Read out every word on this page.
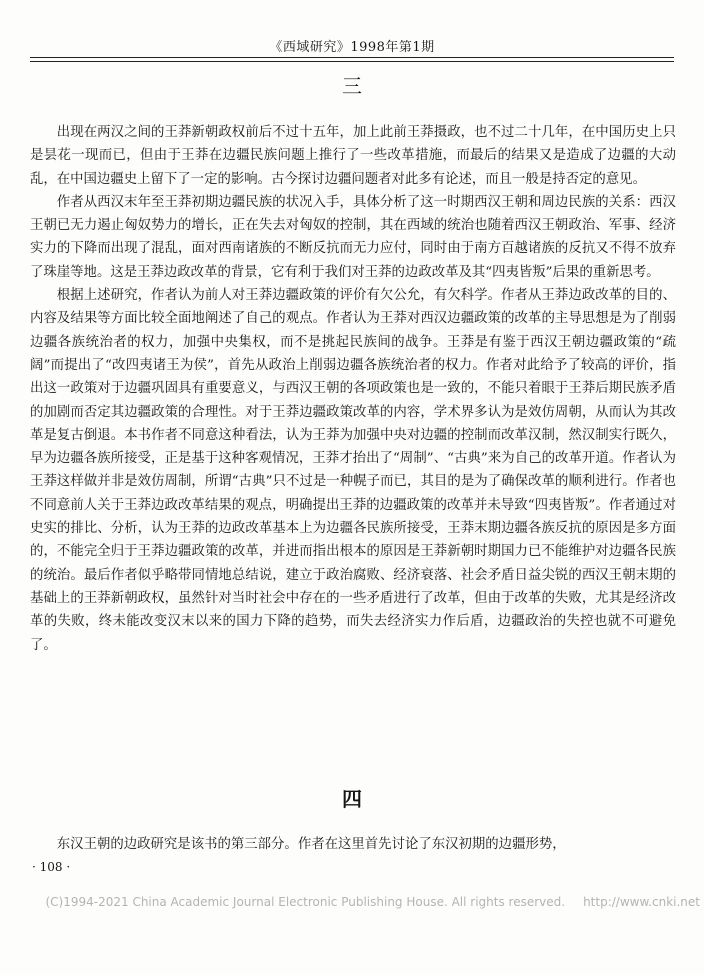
《西域研究》1998年第1期
三

出现在两汉之间的王莽新朝政权前后不过十五年，加上此前王莽摄政，也不过二十几年，在中国历史上只是昙花一现而已，但由于王莽在边疆民族问题上推行了一些改革措施，而最后的结果又是造成了边疆的大动乱，在中国边疆史上留下了一定的影响。古今探讨边疆问题者对此多有论述，而且一般是持否定的意见。

作者从西汉末年至王莽初期边疆民族的状况入手，具体分析了这一时期西汉王朝和周边民族的关系：西汉王朝已无力遏止匈奴势力的增长，正在失去对匈奴的控制，其在西域的统治也随着西汉王朝政治、军事、经济实力的下降而出现了混乱，面对西南诸族的不断反抗而无力应付，同时由于南方百越诸族的反抗又不得不放弃了珠崖等地。这是王莽边政改革的背景，它有利于我们对王莽的边政改革及其“四夷皆叛”后果的重新思考。

根据上述研究，作者认为前人对王莽边疆政策的评价有欠公允，有欠科学。作者从王莽边政改革的目的、内容及结果等方面比较全面地阐述了自己的观点。作者认为王莽对西汉边疆政策的改革的主导思想是为了削弱边疆各族统治者的权力，加强中央集权，而不是挑起民族间的战争。王莽是有鉴于西汉王朝边疆政策的“疏阔”而提出了“改四夷诸王为侯”，首先从政治上削弱边疆各族统治者的权力。作者对此给予了较高的评价，指出这一政策对于边疆巩固具有重要意义，与西汉王朝的各项政策也是一致的，不能只着眼于王莽后期民族矛盾的加剧而否定其边疆政策的合理性。对于王莽边疆政策改革的内容，学术界多认为是效仿周朝，从而认为其改革是复古倒退。本书作者不同意这种看法，认为王莽为加强中央对边疆的控制而改革汉制，然汉制实行既久，早为边疆各族所接受，正是基于这种客观情况，王莽才抬出了“周制”、“古典”来为自己的改革开道。作者认为王莽这样做并非是效仿周制，所谓“古典”只不过是一种幌子而已，其目的是为了确保改革的顺利进行。作者也不同意前人关于王莽边政改革结果的观点，明确提出王莽的边疆政策的改革并未导致“四夷皆叛”。作者通过对史实的排比、分析，认为王莽的边政改革基本上为边疆各民族所接受，王莽末期边疆各族反抗的原因是多方面的，不能完全归于王莽边疆政策的改革，并进而指出根本的原因是王莽新朝时期国力已不能维护对边疆各民族的统治。最后作者似乎略带同情地总结说，建立于政治腐败、经济衰落、社会矛盾日益尖锐的西汉王朝末期的基础上的王莽新朝政权，虽然针对当时社会中存在的一些矛盾进行了改革，但由于改革的失败，尤其是经济改革的失败，终未能改变汉末以来的国力下降的趋势，而失去经济实力作后盾，边疆政治的失控也就不可避免了。

四

东汉王朝的边政研究是该书的第三部分。作者在这里首先讨论了东汉初期的边疆形势，

· 108 ·
(C)1994-2021 China Academic Journal Electronic Publishing House. All rights reserved. http://www.cnki.net
